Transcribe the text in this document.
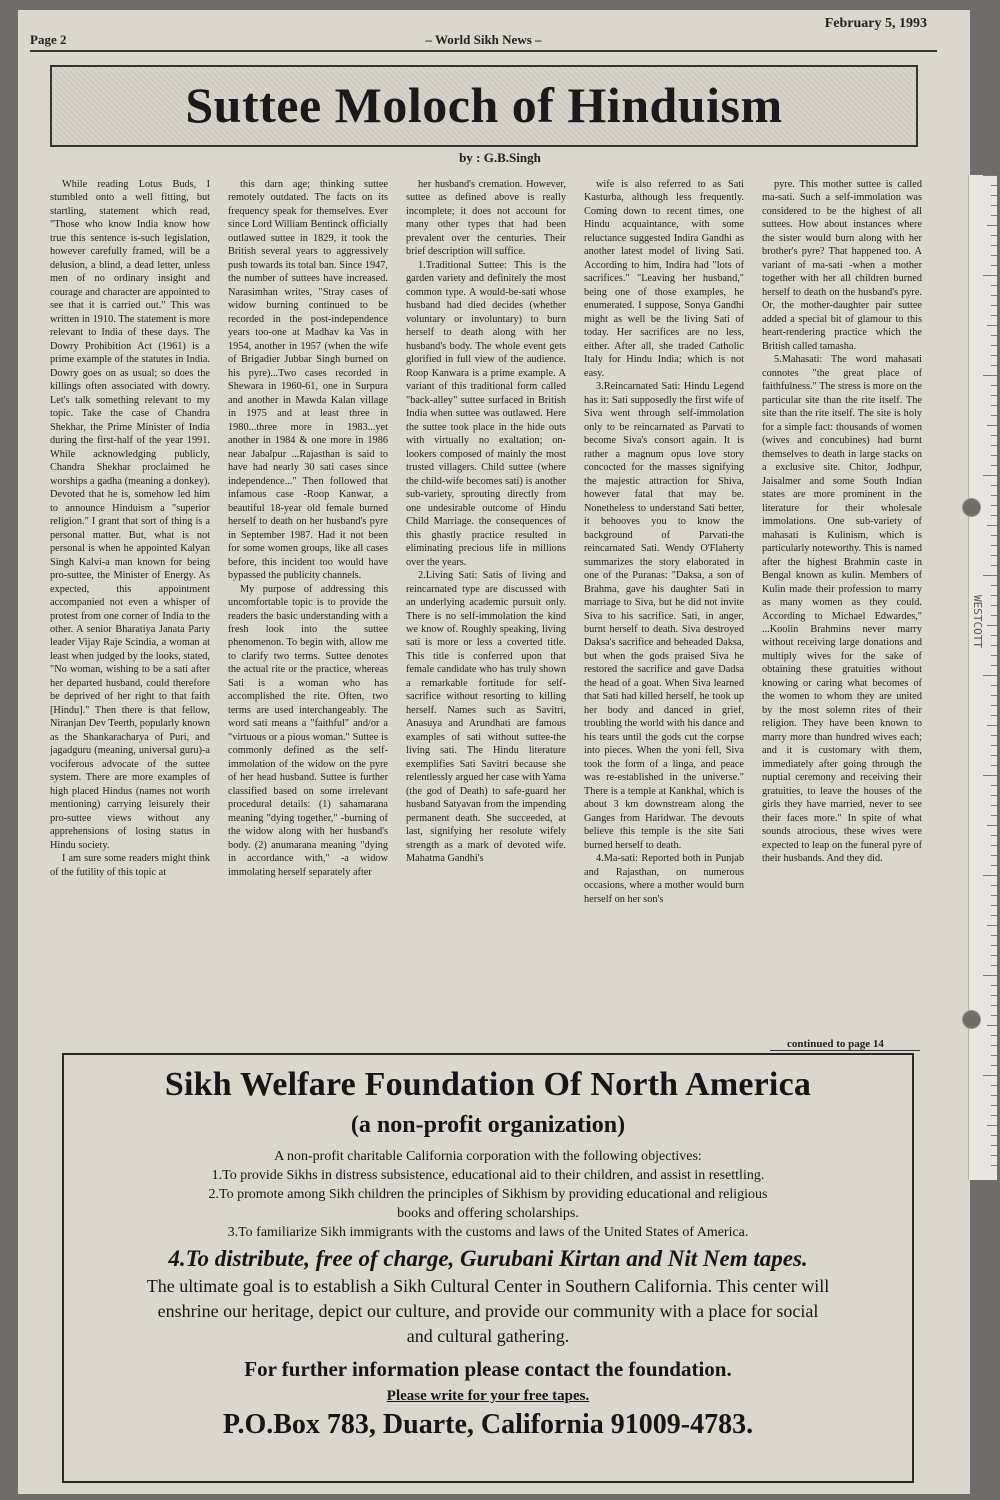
WESTCOTT
Page 2	– World Sikh News –
February 5, 1993
Suttee Moloch of Hinduism
by : G.B.Singh

While reading Lotus Buds, I stumbled onto a well fitting, but startling, statement which read, "Those who know India know how true this sentence is-such legislation, however carefully framed, will be a delusion, a blind, a dead letter, unless men of no ordinary insight and courage and character are appointed to see that it is carried out." This was written in 1910. The statement is more relevant to India of these days. The Dowry Prohibition Act (1961) is a prime example of the statutes in India. Dowry goes on as usual; so does the killings often associated with dowry. Let's talk something relevant to my topic. Take the case of Chandra Shekhar, the Prime Minister of India during the first-half of the year 1991. While acknowledging publicly, Chandra Shekhar proclaimed he worships a gadha (meaning a donkey). Devoted that he is, somehow led him to announce Hinduism a "superior religion." I grant that sort of thing is a personal matter. But, what is not personal is when he appointed Kalyan Singh Kalvi-a man known for being pro-suttee, the Minister of Energy. As expected, this appointment accompanied not even a whisper of protest from one corner of India to the other. A senior Bharatiya Janata Party leader Vijay Raje Scindia, a woman at least when judged by the looks, stated, "No woman, wishing to be a sati after her departed husband, could therefore be deprived of her right to that faith [Hindu]." Then there is that fellow, Niranjan Dev Teerth, popularly known as the Shankaracharya of Puri, and jagadguru (meaning, universal guru)-a vociferous advocate of the suttee system. There are more examples of high placed Hindus (names not worth mentioning) carrying leisurely their pro-suttee views without any apprehensions of losing status in Hindu society.

I am sure some readers might think of the futility of this topic at

this darn age; thinking suttee remotely outdated. The facts on its frequency speak for themselves. Ever since Lord William Bentinck officially outlawed suttee in 1829, it took the British several years to aggressively push towards its total ban. Since 1947, the number of suttees have increased. Narasimhan writes, "Stray cases of widow burning continued to be recorded in the post-independence years too-one at Madhav ka Vas in 1954, another in 1957 (when the wife of Brigadier Jubbar Singh burned on his pyre)...Two cases recorded in Shewara in 1960-61, one in Surpura and another in Mawda Kalan village in 1975 and at least three in 1980...three more in 1983...yet another in 1984 & one more in 1986 near Jabalpur ...Rajasthan is said to have had nearly 30 sati cases since independence..." Then followed that infamous case -Roop Kanwar, a beautiful 18-year old female burned herself to death on her husband's pyre in September 1987. Had it not been for some women groups, like all cases before, this incident too would have bypassed the publicity channels.

My purpose of addressing this uncomfortable topic is to provide the readers the basic understanding with a fresh look into the suttee phenomenon. To begin with, allow me to clarify two terms. Suttee denotes the actual rite or the practice, whereas Sati is a woman who has accomplished the rite. Often, two terms are used interchangeably. The word sati means a "faithful" and/or a "virtuous or a pious woman." Suttee is commonly defined as the self-immolation of the widow on the pyre of her head husband. Suttee is further classified based on some irrelevant procedural details: (1) sahamarana meaning "dying together," -burning of the widow along with her husband's body. (2) anumarana meaning "dying in accordance with," -a widow immolating herself separately after

her husband's cremation. However, suttee as defined above is really incomplete; it does not account for many other types that had been prevalent over the centuries. Their brief description will suffice.

1.Traditional Suttee: This is the garden variety and definitely the most common type. A would-be-sati whose husband had died decides (whether voluntary or involuntary) to burn herself to death along with her husband's body. The whole event gets glorified in full view of the audience. Roop Kanwara is a prime example. A variant of this traditional form called "back-alley" suttee surfaced in British India when suttee was outlawed. Here the suttee took place in the hide outs with virtually no exaltation; on-lookers composed of mainly the most trusted villagers. Child suttee (where the child-wife becomes sati) is another sub-variety, sprouting directly from one undesirable outcome of Hindu Child Marriage. the consequences of this ghastly practice resulted in eliminating precious life in millions over the years.

2.Living Sati: Satis of living and reincarnated type are discussed with an underlying academic pursuit only. There is no self-immolation the kind we know of. Roughly speaking, living sati is more or less a coverted title. This title is conferred upon that female candidate who has truly shown a remarkable fortitude for self-sacrifice without resorting to killing herself. Names such as Savitri, Anasuya and Arundhati are famous examples of sati without suttee-the living sati. The Hindu literature exemplifies Sati Savitri because she relentlessly argued her case with Yama (the god of Death) to safe-guard her husband Satyavan from the impending permanent death. She succeeded, at last, signifying her resolute wifely strength as a mark of devoted wife. Mahatma Gandhi's

wife is also referred to as Sati Kasturba, although less frequently. Coming down to recent times, one Hindu acquaintance, with some reluctance suggested Indira Gandhi as another latest model of living Sati. According to him, Indira had "lots of sacrifices." "Leaving her husband," being one of those examples, he enumerated. I suppose, Sonya Gandhi might as well be the living Sati of today. Her sacrifices are no less, either. After all, she traded Catholic Italy for Hindu India; which is not easy.

3.Reincarnated Sati: Hindu Legend has it: Sati supposedly the first wife of Siva went through self-immolation only to be reincarnated as Parvati to become Siva's consort again. It is rather a magnum opus love story concocted for the masses signifying the majestic attraction for Shiva, however fatal that may be. Nonetheless to understand Sati better, it behooves you to know the background of Parvati-the reincarnated Sati. Wendy O'Flaherty summarizes the story elaborated in one of the Puranas: "Daksa, a son of Brahma, gave his daughter Sati in marriage to Siva, but he did not invite Siva to his sacrifice. Sati, in anger, burnt herself to death. Siva destroyed Daksa's sacrifice and beheaded Daksa, but when the gods praised Siva he restored the sacrifice and gave Dadsa the head of a goat. When Siva learned that Sati had killed herself, he took up her body and danced in grief, troubling the world with his dance and his tears until the gods cut the corpse into pieces. When the yoni fell, Siva took the form of a linga, and peace was re-established in the universe." There is a temple at Kankhal, which is about 3 km downstream along the Ganges from Haridwar. The devouts believe this temple is the site Sati burned herself to death.

4.Ma-sati: Reported both in Punjab and Rajasthan, on numerous occasions, where a mother would burn herself on her son's

pyre. This mother suttee is called ma-sati. Such a self-immolation was considered to be the highest of all suttees. How about instances where the sister would burn along with her brother's pyre? That happened too. A variant of ma-sati -when a mother together with her all children burned herself to death on the husband's pyre. Or, the mother-daughter pair suttee added a special bit of glamour to this heart-rendering practice which the British called tamasha.

5.Mahasati: The word mahasati connotes "the great place of faithfulness." The stress is more on the particular site than the rite itself. The site than the rite itself. The site is holy for a simple fact: thousands of women (wives and concubines) had burnt themselves to death in large stacks on a exclusive site. Chitor, Jodhpur, Jaisalmer and some South Indian states are more prominent in the literature for their wholesale immolations. One sub-variety of mahasati is Kulinism, which is particularly noteworthy. This is named after the highest Brahmin caste in Bengal known as kulin. Members of Kulin made their profession to marry as many women as they could. According to Michael Edwardes," ...Koolin Brahmins never marry without receiving large donations and multiply wives for the sake of obtaining these gratuities without knowing or caring what becomes of the women to whom they are united by the most solemn rites of their religion. They have been known to marry more than hundred wives each; and it is customary with them, immediately after going through the nuptial ceremony and receiving their gratuities, to leave the houses of the girls they have married, never to see their faces more." In spite of what sounds atrocious, these wives were expected to leap on the funeral pyre of their husbands. And they did.

continued to page 14
Sikh Welfare Foundation Of North America
(a non-profit organization)
A non-profit charitable California corporation with the following objectives:
1.To provide Sikhs in distress subsistence, educational aid to their children, and assist in resettling.
2.To promote among Sikh children the principles of Sikhism by providing educational and religious books and offering scholarships.
3.To familiarize Sikh immigrants with the customs and laws of the United States of America.
4.To distribute, free of charge, Gurubani Kirtan and Nit Nem tapes.
The ultimate goal is to establish a Sikh Cultural Center in Southern California. This center will enshrine our heritage, depict our culture, and provide our community with a place for social and cultural gathering.
For further information please contact the foundation.
Please write for your free tapes.
P.O.Box 783, Duarte, California 91009-4783.
